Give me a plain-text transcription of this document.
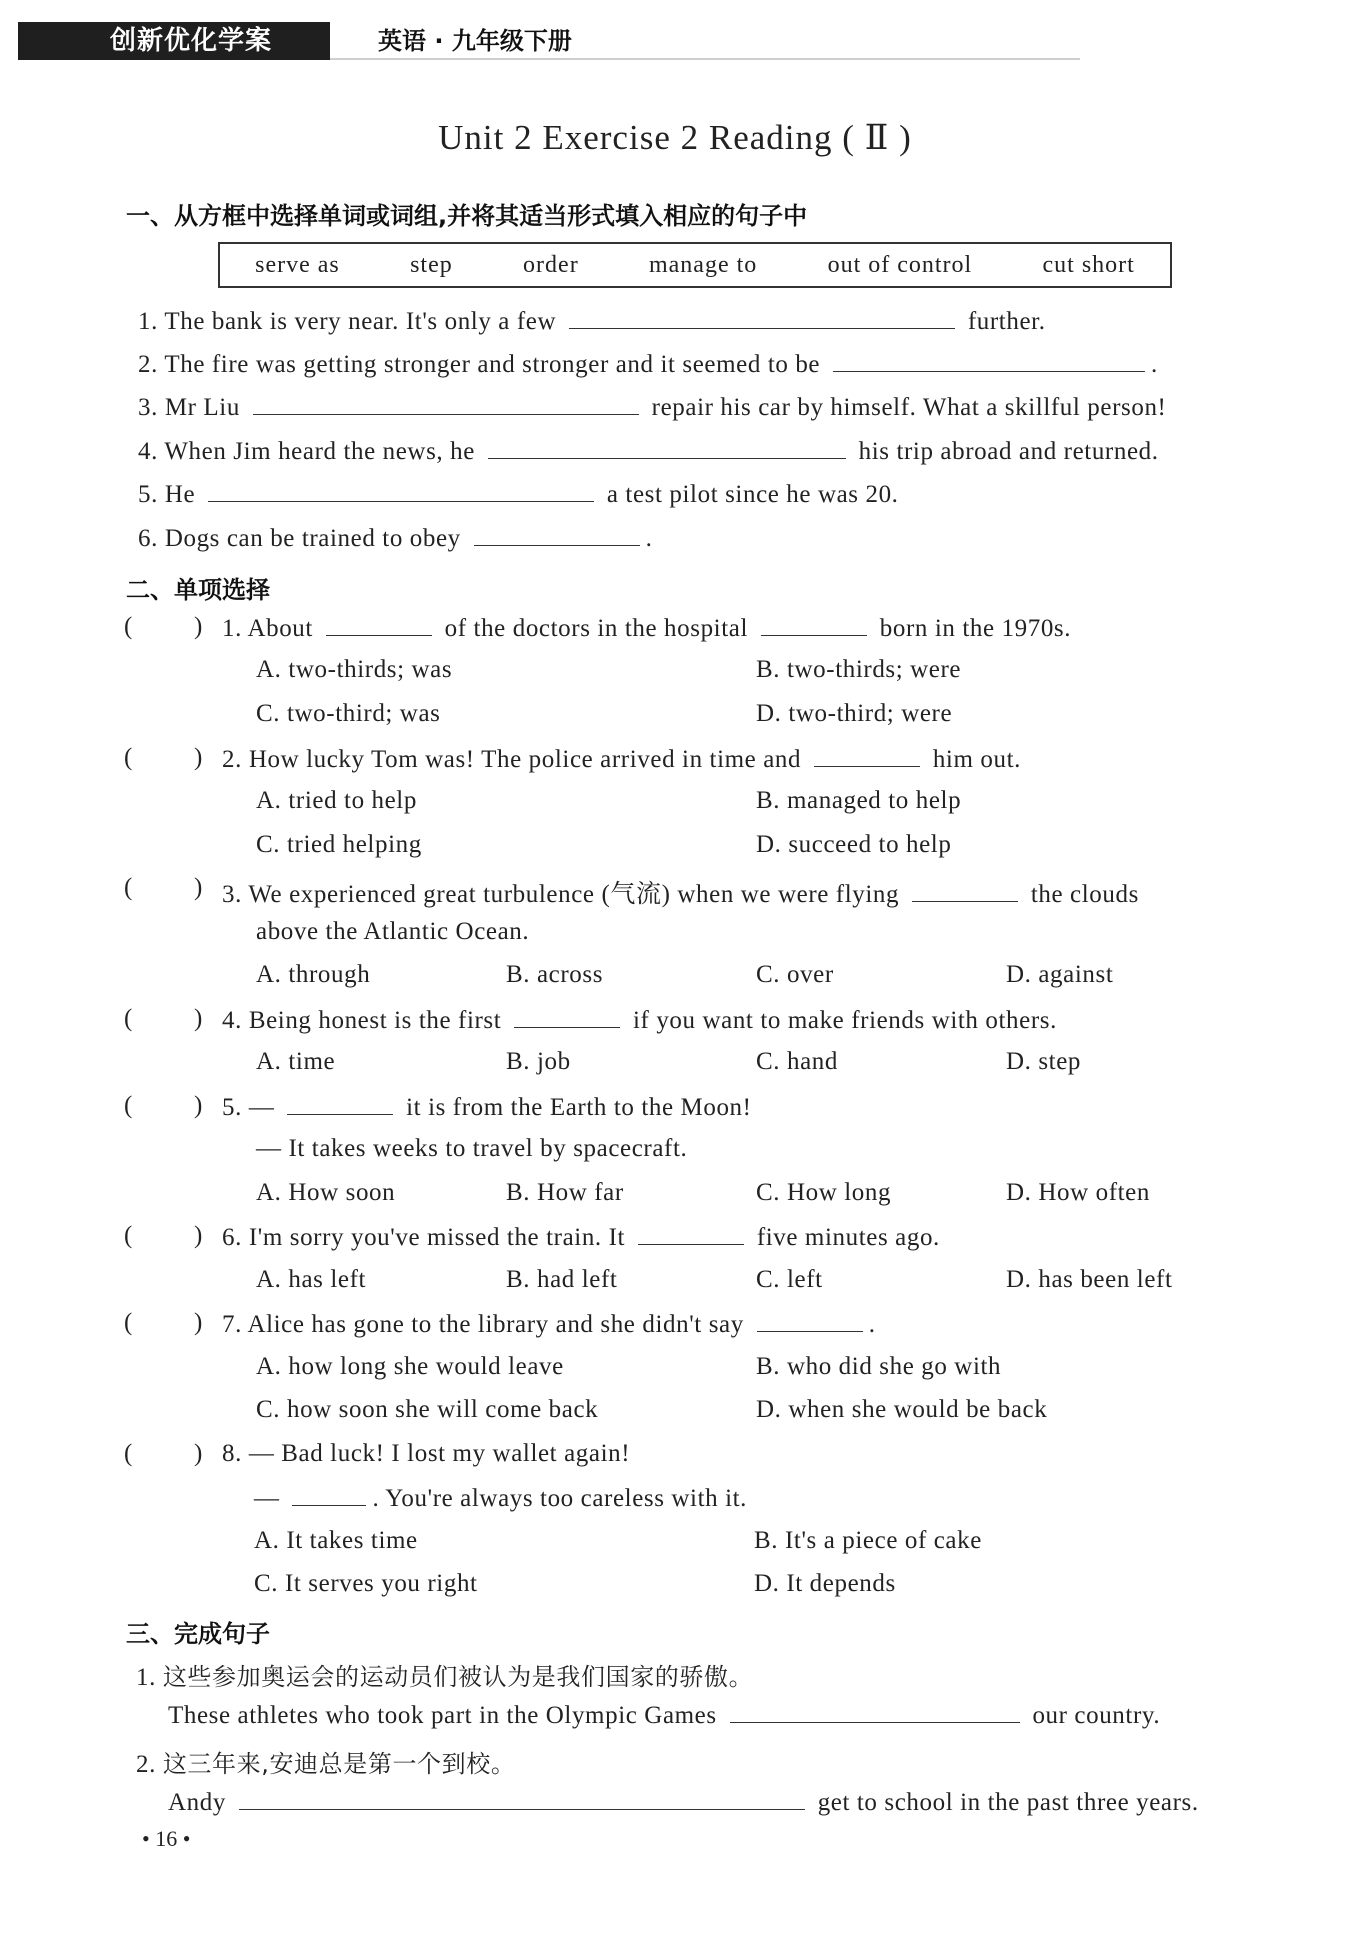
创新优化学案	英语 · 九年级下册
Unit 2 Exercise 2 Reading ( Ⅱ )
一、从方框中选择单词或词组,并将其适当形式填入相应的句子中
serve as	step	order	manage to	out of control	cut short
1. The bank is very near. It's only a few	further.
2. The fire was getting stronger and stronger and it seemed to be	.
3. Mr Liu	repair his car by himself. What a skillful person!
4. When Jim heard the news, he	his trip abroad and returned.
5. He	a test pilot since he was 20.
6. Dogs can be trained to obey	.
二、单项选择
( ) 1. About	of the doctors in the hospital	born in the 1970s.
A. two-thirds; was	B. two-thirds; were
C. two-third; was	D. two-third; were
( ) 2. How lucky Tom was! The police arrived in time and	him out.
A. tried to help	B. managed to help
C. tried helping	D. succeed to help
( ) 3. We experienced great turbulence (气流) when we were flying	the clouds
above the Atlantic Ocean.
A. through	B. across	C. over	D. against
( ) 4. Being honest is the first	if you want to make friends with others.
A. time	B. job	C. hand	D. step
( ) 5. —	it is from the Earth to the Moon!
— It takes weeks to travel by spacecraft.
A. How soon	B. How far	C. How long	D. How often
( ) 6. I'm sorry you've missed the train. It	five minutes ago.
A. has left	B. had left	C. left	D. has been left
( ) 7. Alice has gone to the library and she didn't say	.
A. how long she would leave	B. who did she go with
C. how soon she will come back	D. when she would be back
( ) 8. — Bad luck! I lost my wallet again!
—	. You're always too careless with it.
A. It takes time	B. It's a piece of cake
C. It serves you right	D. It depends
三、完成句子
1. 这些参加奥运会的运动员们被认为是我们国家的骄傲。
These athletes who took part in the Olympic Games	our country.
2. 这三年来,安迪总是第一个到校。
Andy	get to school in the past three years.
• 16 •
